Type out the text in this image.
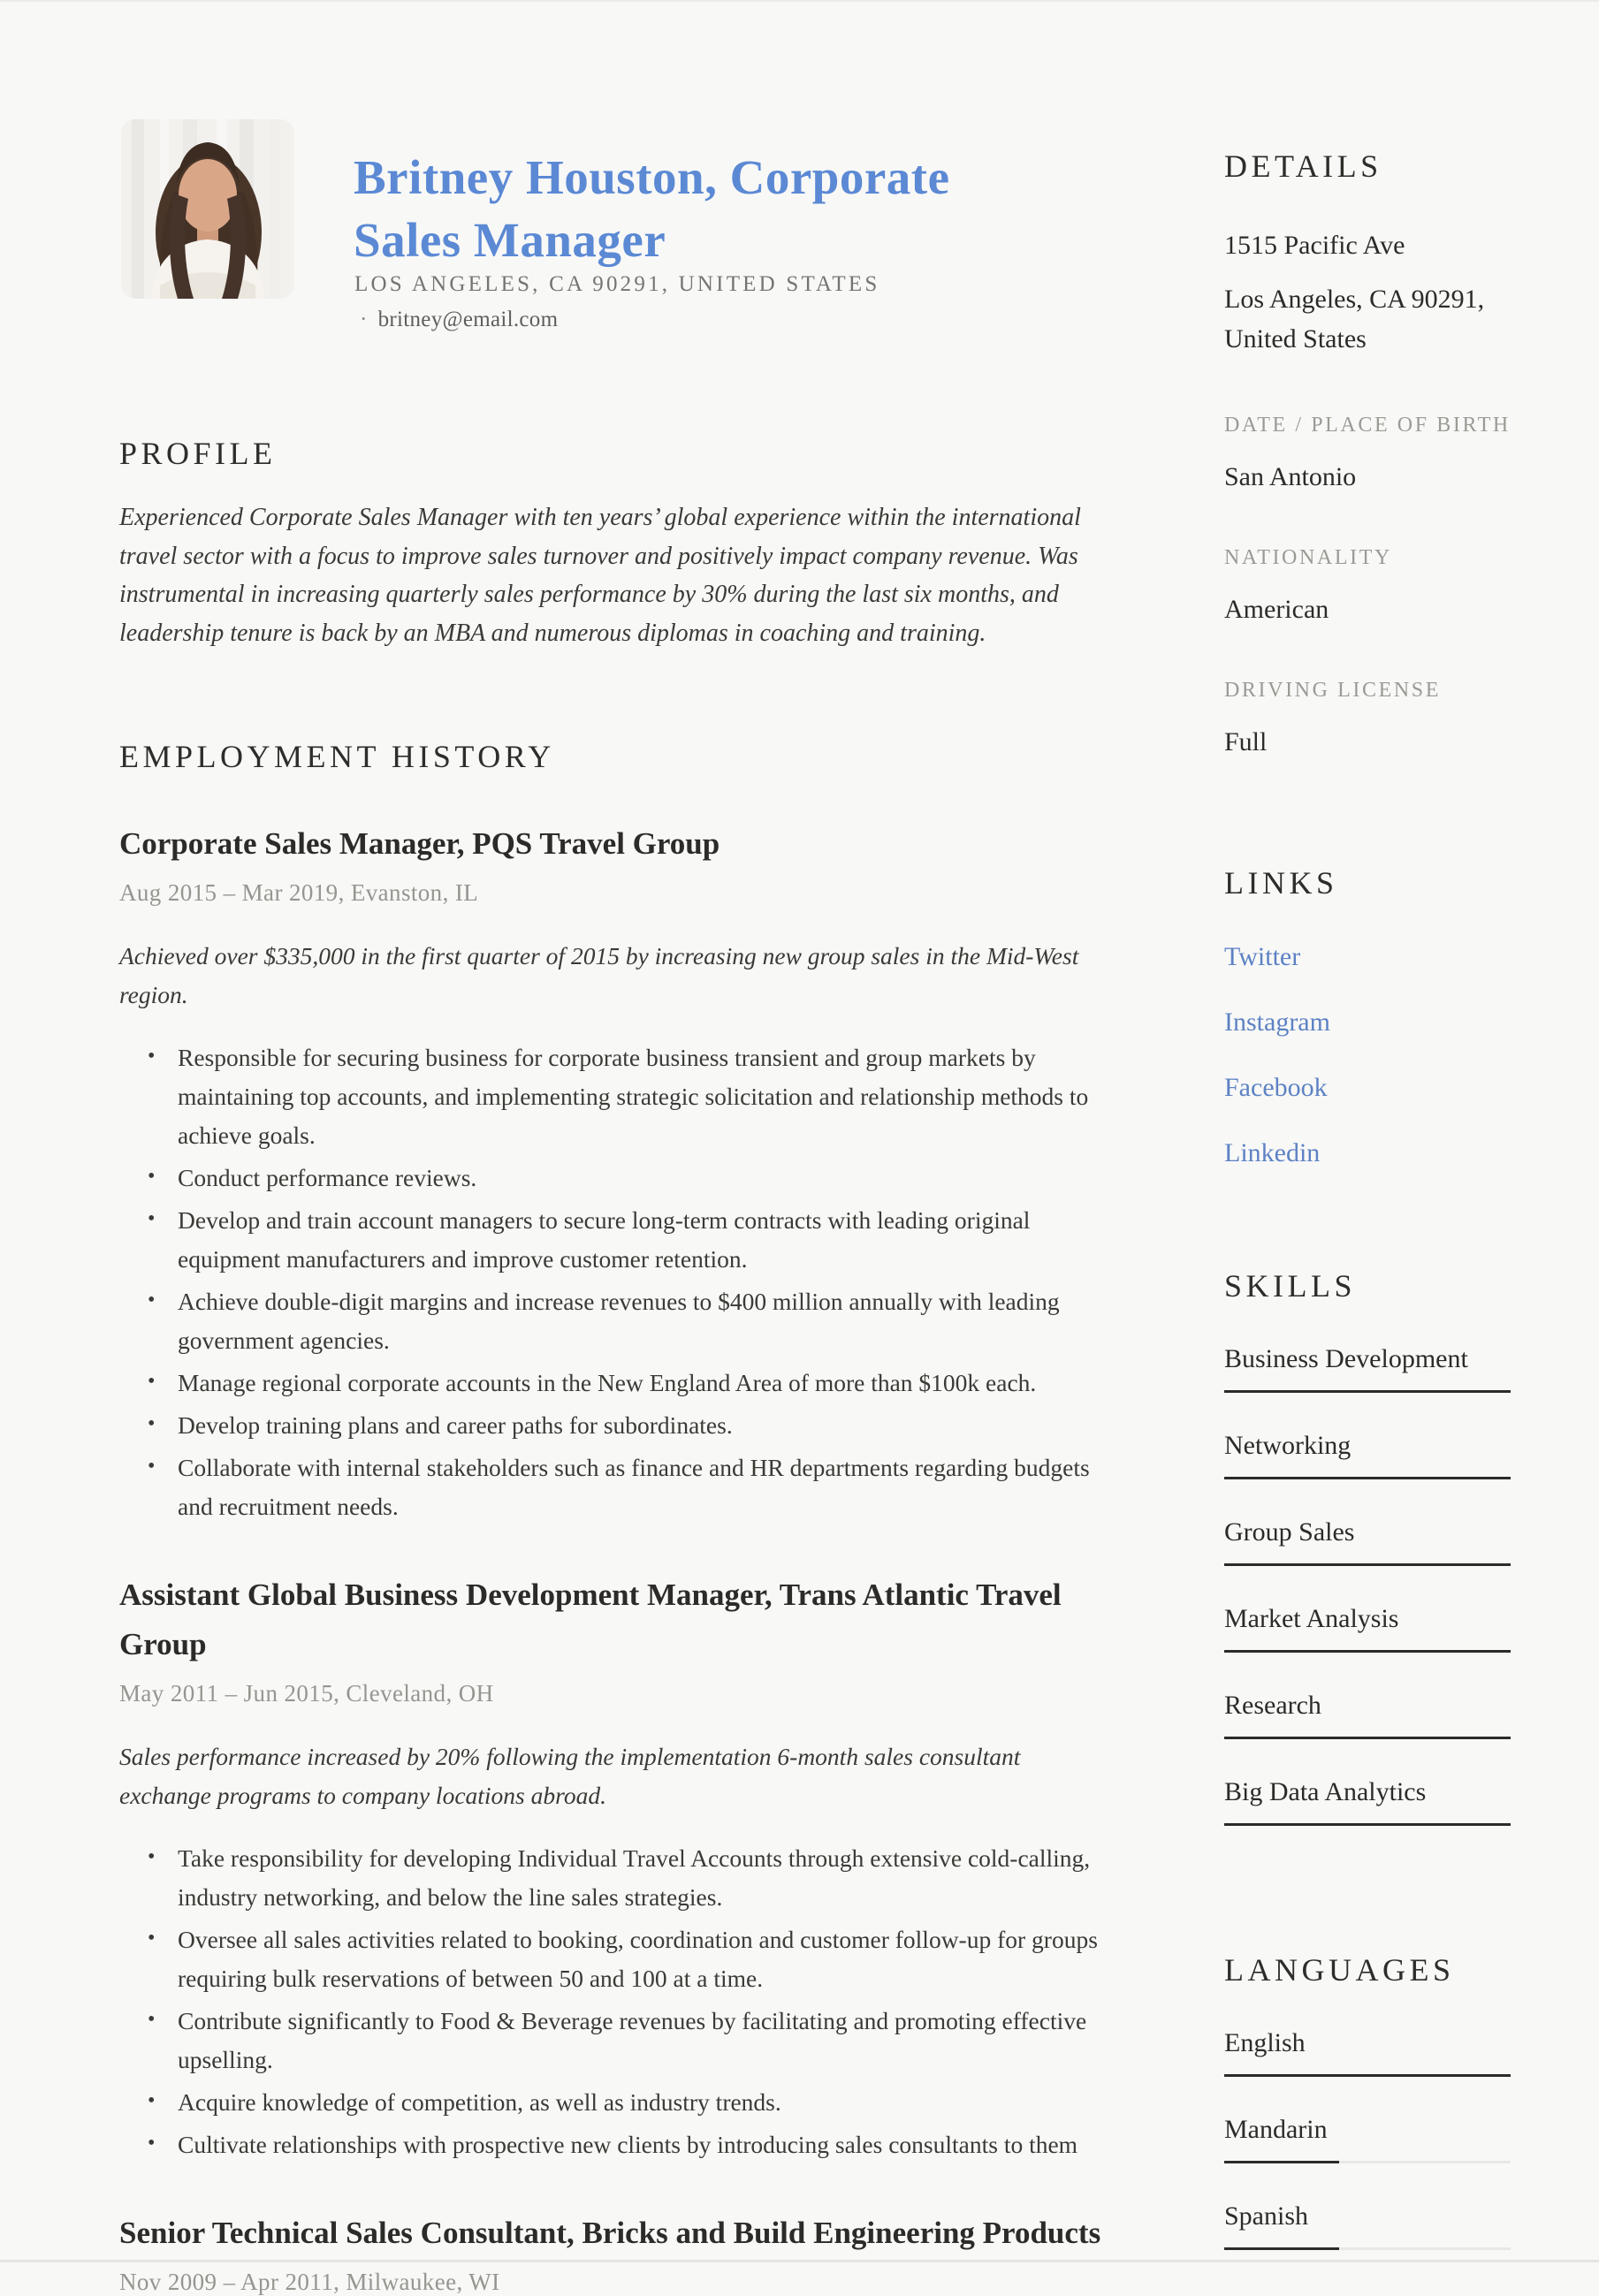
Britney Houston, Corporate Sales Manager
LOS ANGELES, CA 90291, UNITED STATES · britney@email.com
PROFILE

Experienced Corporate Sales Manager with ten years’ global experience within the international travel sector with a focus to improve sales turnover and positively impact company revenue. Was instrumental in increasing quarterly sales performance by 30% during the last six months, and leadership tenure is back by an MBA and numerous diplomas in coaching and training.

EMPLOYMENT HISTORY
Corporate Sales Manager, PQS Travel Group

Aug 2015 – Mar 2019, Evanston, IL

Achieved over $335,000 in the first quarter of 2015 by increasing new group sales in the Mid-West region.

• Responsible for securing business for corporate business transient and group markets by maintaining top accounts, and implementing strategic solicitation and relationship methods to achieve goals.
• Conduct performance reviews.
• Develop and train account managers to secure long-term contracts with leading original equipment manufacturers and improve customer retention.
• Achieve double-digit margins and increase revenues to $400 million annually with leading government agencies.
• Manage regional corporate accounts in the New England Area of more than $100k each.
• Develop training plans and career paths for subordinates.
• Collaborate with internal stakeholders such as finance and HR departments regarding budgets and recruitment needs.
Assistant Global Business Development Manager, Trans Atlantic Travel Group

May 2011 – Jun 2015, Cleveland, OH

Sales performance increased by 20% following the implementation 6-month sales consultant exchange programs to company locations abroad.

• Take responsibility for developing Individual Travel Accounts through extensive cold-calling, industry networking, and below the line sales strategies.
• Oversee all sales activities related to booking, coordination and customer follow-up for groups requiring bulk reservations of between 50 and 100 at a time.
• Contribute significantly to Food & Beverage revenues by facilitating and promoting effective upselling.
• Acquire knowledge of competition, as well as industry trends.
• Cultivate relationships with prospective new clients by introducing sales consultants to them
Senior Technical Sales Consultant, Bricks and Build Engineering Products

Nov 2009 – Apr 2011, Milwaukee, WI

DETAILS

1515 Pacific Ave

Los Angeles, CA 90291, United States

DATE / PLACE OF BIRTH

San Antonio

NATIONALITY

American

DRIVING LICENSE

Full

LINKS
Twitter
Instagram
Facebook
Linkedin
SKILLS

Business Development

Networking

Group Sales

Market Analysis

Research

Big Data Analytics

LANGUAGES

English

Mandarin

Spanish
